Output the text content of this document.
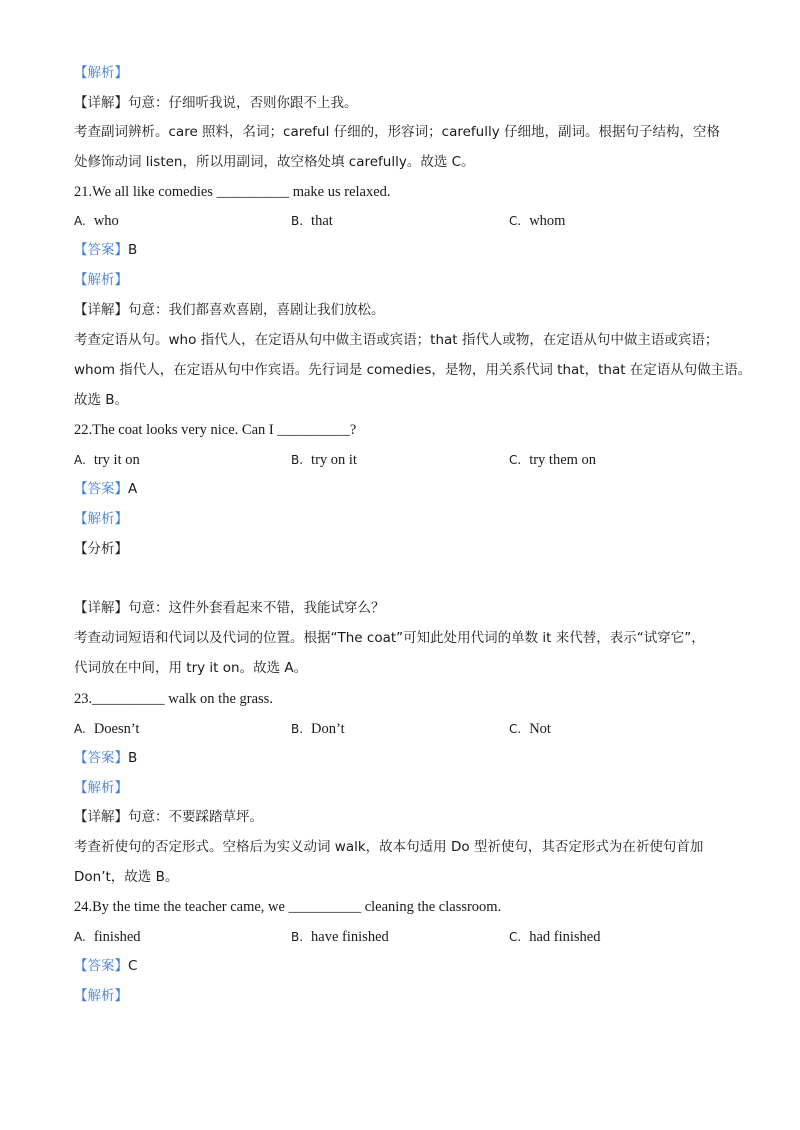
【解析】
【详解】句意：仔细听我说，否则你跟不上我。
考查副词辨析。care 照料，名词；careful 仔细的，形容词；carefully 仔细地，副词。根据句子结构，空格
处修饰动词 listen，所以用副词，故空格处填 carefully。故选 C。
21.We all like comedies __________ make us relaxed.
A. who	B. that	C. whom
【答案】B
【解析】
【详解】句意：我们都喜欢喜剧，喜剧让我们放松。
考查定语从句。who 指代人，在定语从句中做主语或宾语；that 指代人或物，在定语从句中做主语或宾语；
whom 指代人，在定语从句中作宾语。先行词是 comedies，是物，用关系代词 that，that 在定语从句做主语。
故选 B。
22.The coat looks very nice. Can I __________?
A. try it on	B. try on it	C. try them on
【答案】A
【解析】
【分析】
【详解】句意：这件外套看起来不错，我能试穿么？
考查动词短语和代词以及代词的位置。根据“The coat”可知此处用代词的单数 it 来代替，表示“试穿它”，
代词放在中间，用 try it on。故选 A。
23.__________ walk on the grass.
A. Doesn’t	B. Don’t	C. Not
【答案】B
【解析】
【详解】句意：不要踩踏草坪。
考查祈使句的否定形式。空格后为实义动词 walk，故本句适用 Do 型祈使句，其否定形式为在祈使句首加
Don’t，故选 B。
24.By the time the teacher came, we __________ cleaning the classroom.
A. finished	B. have finished	C. had finished
【答案】C
【解析】
